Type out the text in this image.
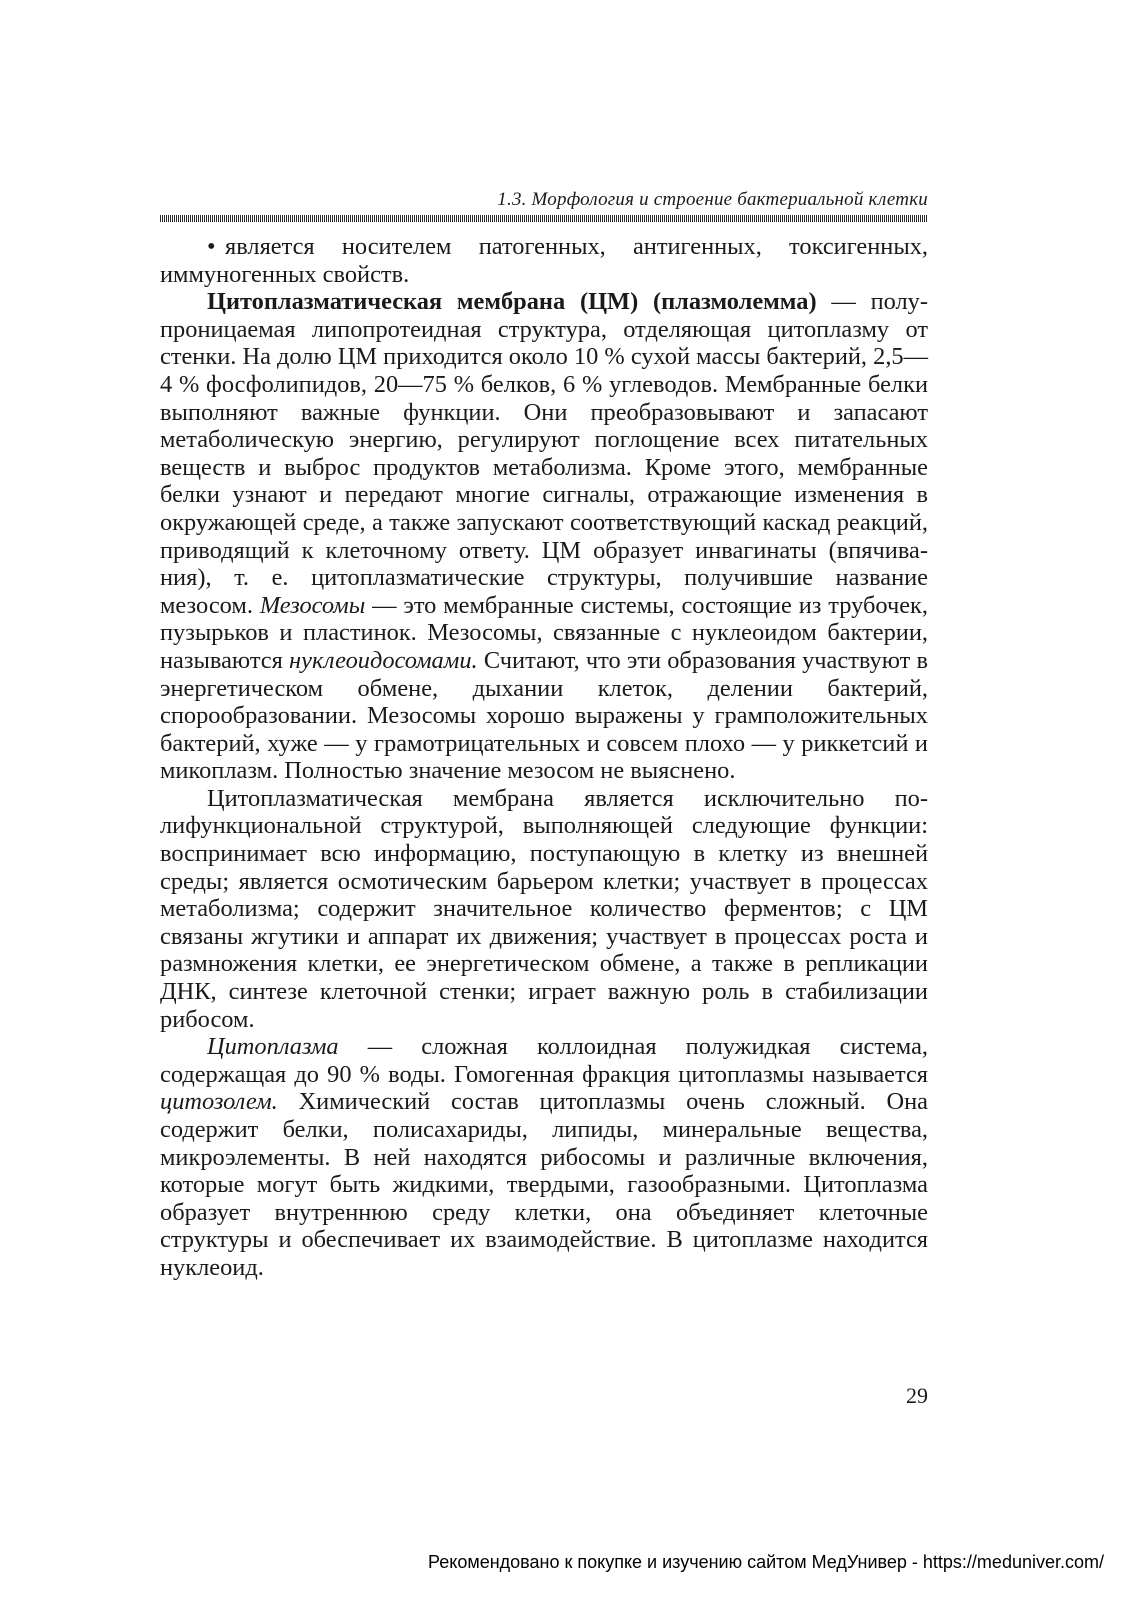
1.3. Морфология и строение бактериальной клетки

• является носителем патогенных, антигенных, токсигенных, иммуногенных свойств.

Цитоплазматическая мембрана (ЦМ) (плазмолемма) — полупроницаемая липопротеидная структура, отделяющая цитоплазму от стенки. На долю ЦМ приходится около 10 % сухой массы бактерий, 2,5—4 % фосфолипидов, 20—75 % белков, 6 % углеводов. Мембранные белки выполняют важные функции. Они преобразовывают и запасают метаболическую энергию, регулируют поглощение всех питательных веществ и выброс продуктов метаболизма. Кроме этого, мембранные белки узнают и передают многие сигналы, отражающие изменения в окружающей среде, а также запускают соответствующий каскад реакций, приводящий к клеточному ответу. ЦМ образует инвагинаты (впячивания), т. е. цитоплазматические структуры, получившие название мезосом. Мезосомы — это мембранные системы, состоящие из трубочек, пузырьков и пластинок. Мезосомы, связанные с нуклеоидом бактерии, называются нуклеоидосомами. Считают, что эти образования участвуют в энергетическом обмене, дыхании клеток, делении бактерий, спорообразовании. Мезосомы хорошо выражены у грамположительных бактерий, хуже — у грамотрицательных и совсем плохо — у риккетсий и микоплазм. Полностью значение мезосом не выяснено.

Цитоплазматическая мембрана является исключительно полифункциональной структурой, выполняющей следующие функции: воспринимает всю информацию, поступающую в клетку из внешней среды; является осмотическим барьером клетки; участвует в процессах метаболизма; содержит значительное количество ферментов; с ЦМ связаны жгутики и аппарат их движения; участвует в процессах роста и размножения клетки, ее энергетическом обмене, а также в репликации ДНК, синтезе клеточной стенки; играет важную роль в стабилизации рибосом.

Цитоплазма — сложная коллоидная полужидкая система, содержащая до 90 % воды. Гомогенная фракция цитоплазмы называется цитозолем. Химический состав цитоплазмы очень сложный. Она содержит белки, полисахариды, липиды, минеральные вещества, микроэлементы. В ней находятся рибосомы и различные включения, которые могут быть жидкими, твердыми, газообразными. Цитоплазма образует внутреннюю среду клетки, она объединяет клеточные структуры и обеспечивает их взаимодействие. В цитоплазме находится нуклеоид.

29
Рекомендовано к покупке и изучению сайтом МедУнивер - https://meduniver.com/
